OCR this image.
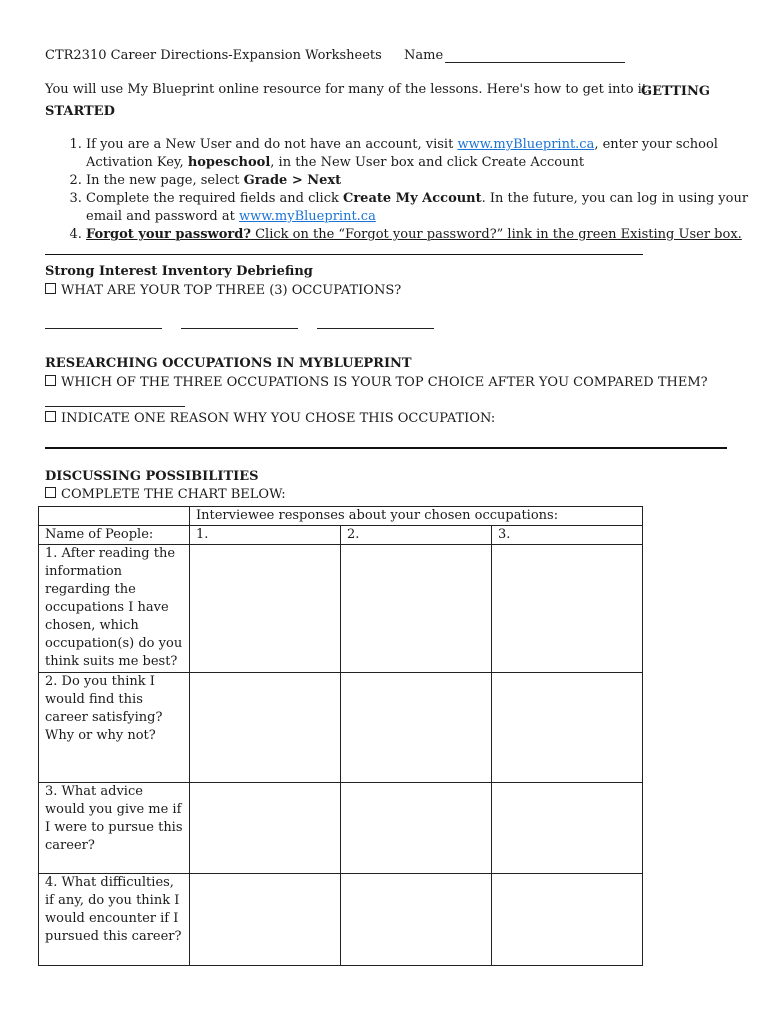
CTR2310 Career Directions-Expansion Worksheets Name
You will use My Blueprint online resource for many of the lessons. Here's how to get into it:
GETTING STARTED
1. If you are a New User and do not have an account, visit www.myBlueprint.ca, enter your school Activation Key, hopeschool, in the New User box and click Create Account
2. In the new page, select Grade > Next
3. Complete the required fields and click Create My Account. In the future, you can log in using your email and password at www.myBlueprint.ca
4. Forgot your password? Click on the “Forgot your password?” link in the green Existing User box.
Strong Interest Inventory Debriefing
WHAT ARE YOUR TOP THREE (3) OCCUPATIONS?
RESEARCHING OCCUPATIONS IN MYBLUEPRINT
WHICH OF THE THREE OCCUPATIONS IS YOUR TOP CHOICE AFTER YOU COMPARED THEM?
INDICATE ONE REASON WHY YOU CHOSE THIS OCCUPATION:
DISCUSSING POSSIBILITIES
COMPLETE THE CHART BELOW:
	Interviewee responses about your chosen occupations:		
Name of People:	1.	2.	3.
1. After reading the information regarding the occupations I have chosen, which occupation(s) do you think suits me best?			
2. Do you think I would find this career satisfying? Why or why not?			
3. What advice would you give me if I were to pursue this career?			
4. What difficulties, if any, do you think I would encounter if I pursued this career?			
